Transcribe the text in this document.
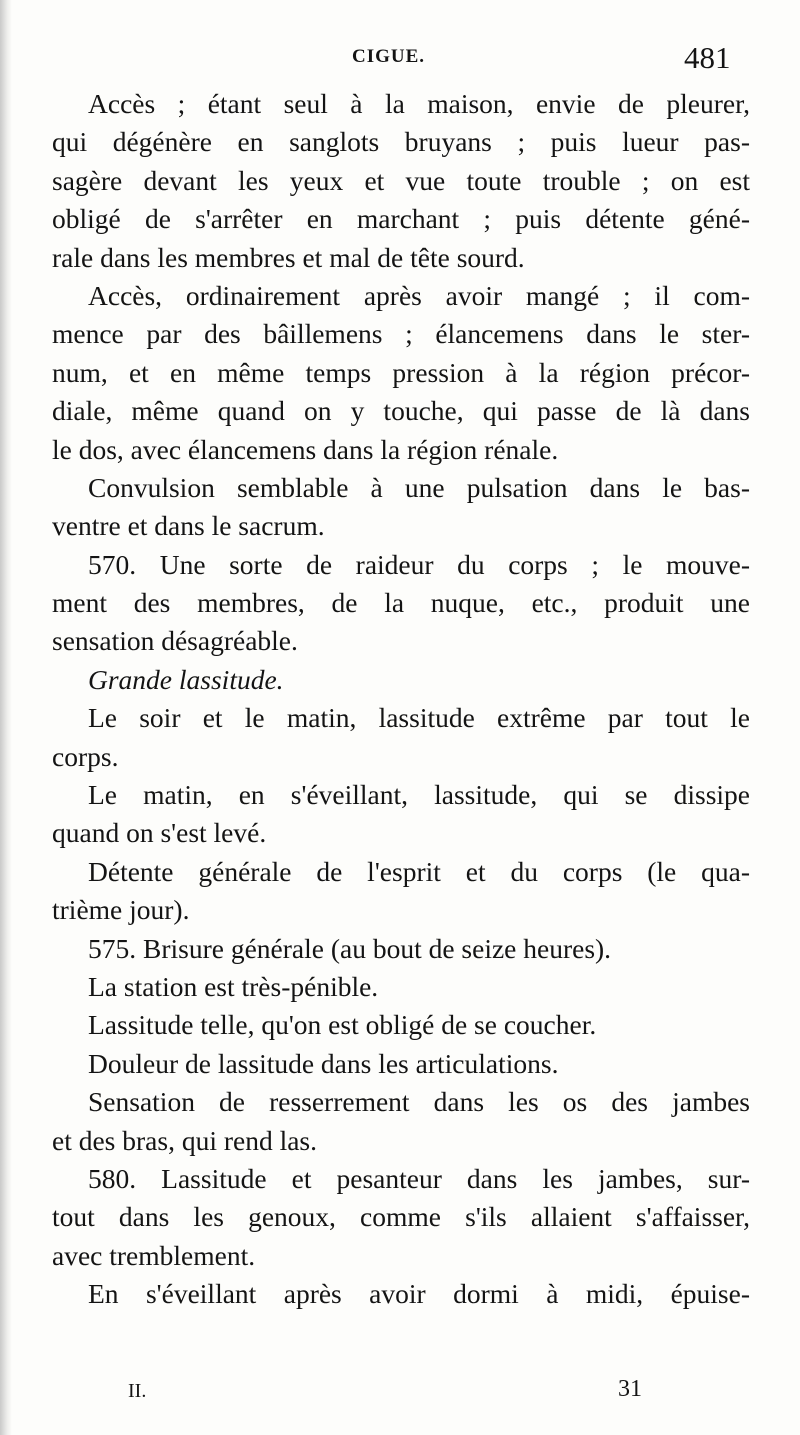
CIGUE.	481
Accès ; étant seul à la maison, envie de pleurer,
qui dégénère en sanglots bruyans ; puis lueur pas-
sagère devant les yeux et vue toute trouble ; on est
obligé de s'arrêter en marchant ; puis détente géné-
rale dans les membres et mal de tête sourd.
Accès, ordinairement après avoir mangé ; il com-
mence par des bâillemens ; élancemens dans le ster-
num, et en même temps pression à la région précor-
diale, même quand on y touche, qui passe de là dans
le dos, avec élancemens dans la région rénale.
Convulsion semblable à une pulsation dans le bas-
ventre et dans le sacrum.
570. Une sorte de raideur du corps ; le mouve-
ment des membres, de la nuque, etc., produit une
sensation désagréable.
Grande lassitude.
Le soir et le matin, lassitude extrême par tout le
corps.
Le matin, en s'éveillant, lassitude, qui se dissipe
quand on s'est levé.
Détente générale de l'esprit et du corps (le qua-
trième jour).
575. Brisure générale (au bout de seize heures).
La station est très-pénible.
Lassitude telle, qu'on est obligé de se coucher.
Douleur de lassitude dans les articulations.
Sensation de resserrement dans les os des jambes
et des bras, qui rend las.
580. Lassitude et pesanteur dans les jambes, sur-
tout dans les genoux, comme s'ils allaient s'affaisser,
avec tremblement.
En s'éveillant après avoir dormi à midi, épuise-
II.	31
